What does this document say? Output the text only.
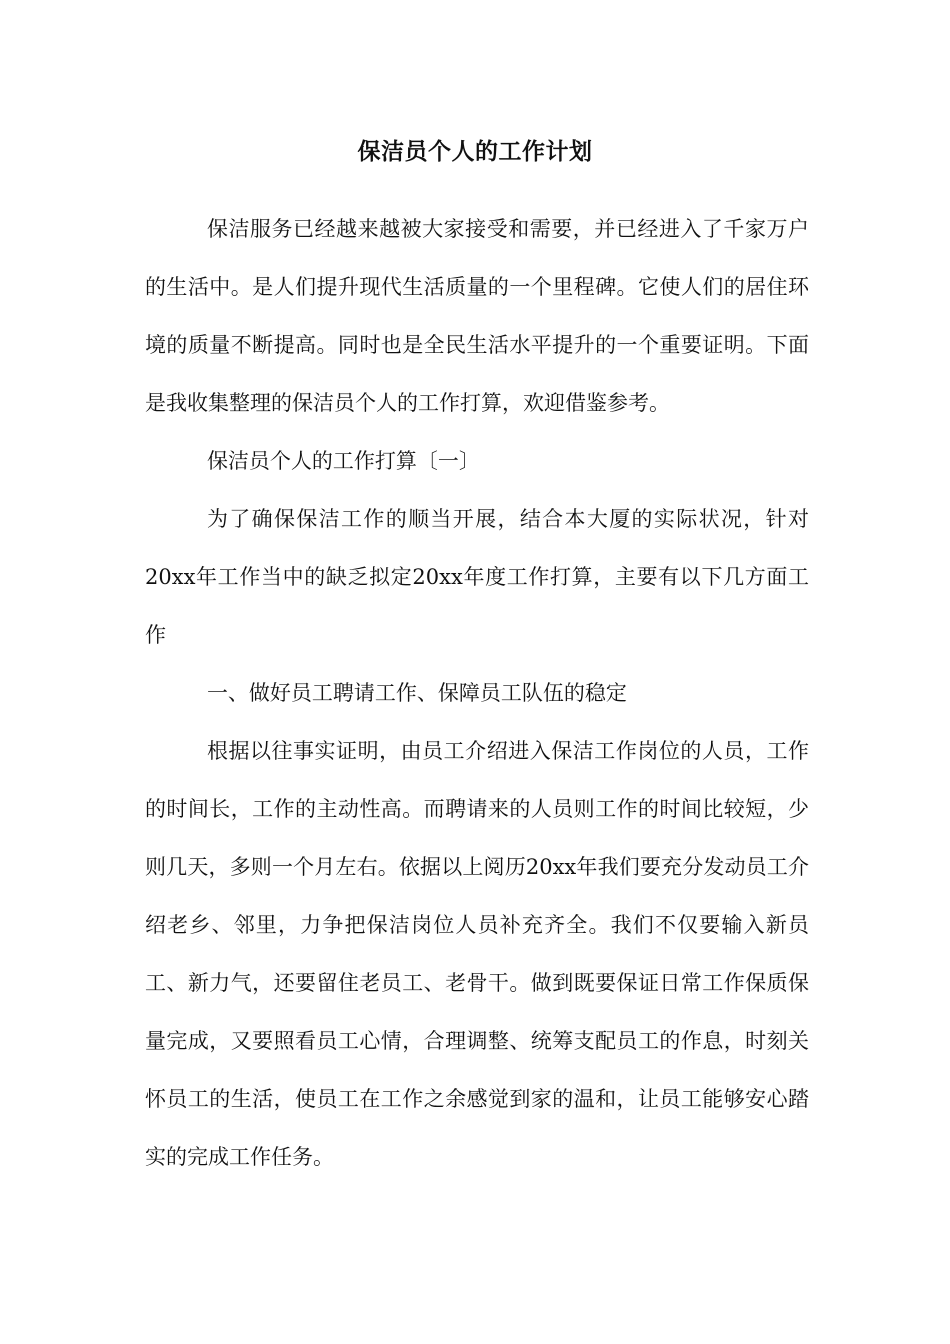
保洁员个人的工作计划

保洁服务已经越来越被大家接受和需要，并已经进入了千家万户的生活中。是人们提升现代生活质量的一个里程碑。它使人们的居住环境的质量不断提高。同时也是全民生活水平提升的一个重要证明。下面是我收集整理的保洁员个人的工作打算，欢迎借鉴参考。

保洁员个人的工作打算〔一〕

为了确保保洁工作的顺当开展，结合本大厦的实际状况，针对20xx年工作当中的缺乏拟定20xx年度工作打算，主要有以下几方面工作

一、做好员工聘请工作、保障员工队伍的稳定

根据以往事实证明，由员工介绍进入保洁工作岗位的人员，工作的时间长，工作的主动性高。而聘请来的人员则工作的时间比较短，少则几天，多则一个月左右。依据以上阅历20xx年我们要充分发动员工介绍老乡、邻里，力争把保洁岗位人员补充齐全。我们不仅要输入新员工、新力气，还要留住老员工、老骨干。做到既要保证日常工作保质保量完成，又要照看员工心情，合理调整、统筹支配员工的作息，时刻关怀员工的生活，使员工在工作之余感觉到家的温和，让员工能够安心踏实的完成工作任务。
